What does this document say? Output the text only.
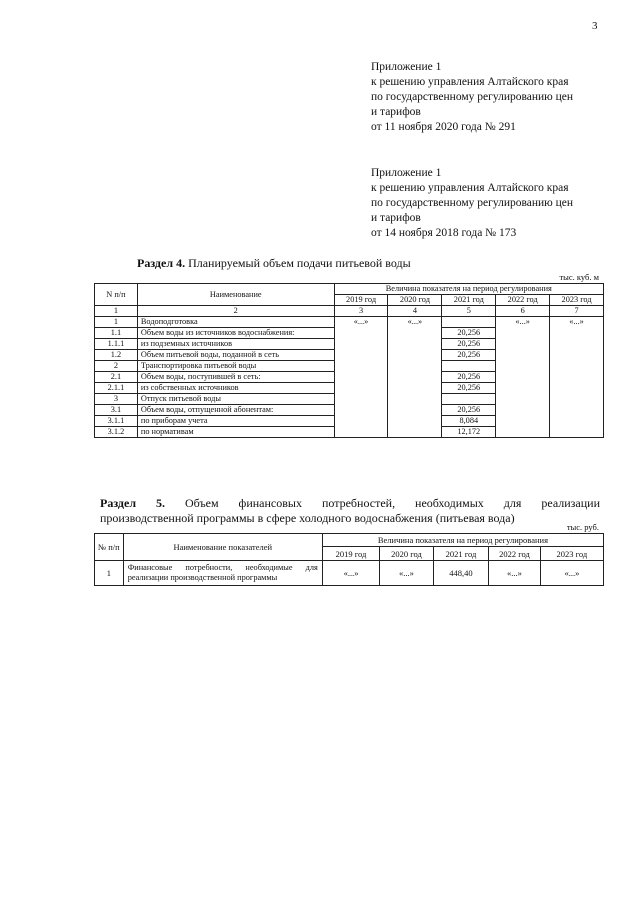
3
Приложение 1
к решению управления Алтайского края
по государственному регулированию цен
и тарифов
от 11 ноября 2020 года № 291
Приложение 1
к решению управления Алтайского края
по государственному регулированию цен
и тарифов
от 14 ноября 2018 года № 173
Раздел 4. Планируемый объем подачи питьевой воды
тыс. куб. м
N п/п	Наименование	Величина показателя на период регулирования				
		2019 год	2020 год	2021 год	2022 год	2023 год
1	2	3	4	5	6	7
1	Водоподготовка	«...»	«...»		«...»	«...»
1.1	Объем воды из источников водоснабжения:			20,256		
1.1.1	из подземных источников			20,256		
1.2	Объем питьевой воды, поданной в сеть			20,256		
2	Транспортировка питьевой воды					
2.1	Объем воды, поступившей в сеть:			20,256		
2.1.1	из собственных источников			20,256		
3	Отпуск питьевой воды					
3.1	Объем воды, отпущенной абонентам:			20,256		
3.1.1	по приборам учета			8,084		
3.1.2	по нормативам			12,172		
Раздел 5. Объем финансовых потребностей, необходимых для реализации
производственной программы в сфере холодного водоснабжения (питьевая вода)
тыс. руб.
№ п/п	Наименование показателей	Величина показателя на период регулирования				
		2019 год	2020 год	2021 год	2022 год	2023 год
1	Финансовые потребности, необходимые для реализации производственной программы	«...»	«...»	448,40	«...»	«...»
